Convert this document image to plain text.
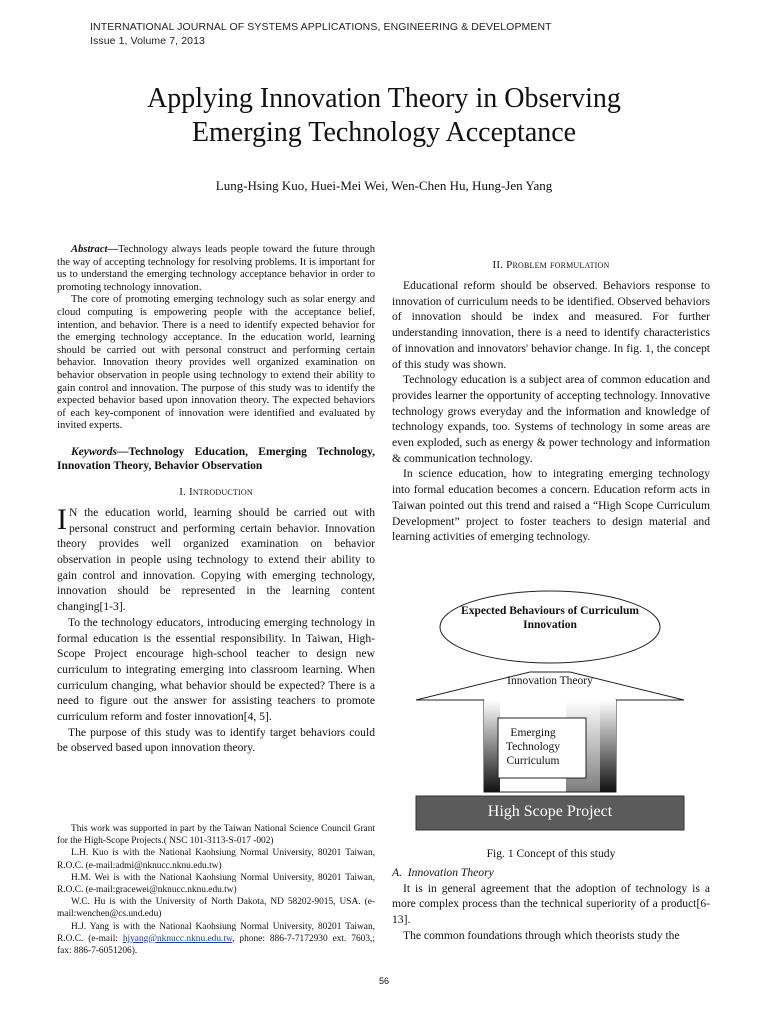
INTERNATIONAL JOURNAL OF SYSTEMS APPLICATIONS, ENGINEERING & DEVELOPMENT
Issue 1, Volume 7, 2013
Applying Innovation Theory in Observing
Emerging Technology Acceptance
Lung-Hsing Kuo, Huei-Mei Wei, Wen-Chen Hu, Hung-Jen Yang

Abstract—Technology always leads people toward the future through the way of accepting technology for resolving problems. It is important for us to understand the emerging technology acceptance behavior in order to promoting technology innovation.

The core of promoting emerging technology such as solar energy and cloud computing is empowering people with the acceptance belief, intention, and behavior. There is a need to identify expected behavior for the emerging technology acceptance. In the education world, learning should be carried out with personal construct and performing certain behavior. Innovation theory provides well organized examination on behavior observation in people using technology to extend their ability to gain control and innovation. The purpose of this study was to identify the expected behavior based upon innovation theory. The expected behaviors of each key-component of innovation were identified and evaluated by invited experts.

Keywords—Technology Education, Emerging Technology, Innovation Theory, Behavior Observation

I. Introduction

I N the education world, learning should be carried out with personal construct and performing certain behavior. Innovation theory provides well organized examination on behavior observation in people using technology to extend their ability to gain control and innovation. Copying with emerging technology, innovation should be represented in the learning content changing[1-3].

To the technology educators, introducing emerging technology in formal education is the essential responsibility. In Taiwan, High-Scope Project encourage high-school teacher to design new curriculum to integrating emerging into classroom learning. When curriculum changing, what behavior should be expected? There is a need to figure out the answer for assisting teachers to promote curriculum reform and foster innovation[4, 5].

The purpose of this study was to identify target behaviors could be observed based upon innovation theory.

This work was supported in part by the Taiwan National Science Council Grant for the High-Scope Projects.( NSC 101-3113-S-017 -002)

L.H. Kuo is with the National Kaohsiung Normal University, 80201 Taiwan, R.O.C. (e-mail:admi@nknucc.nknu.edu.tw)

H.M. Wei is with the National Kaohsiung Normal University, 80201 Taiwan, R.O.C. (e-mail:gracewei@nknucc.nknu.edu.tw)

W.C. Hu is with the University of North Dakota, ND 58202-9015, USA. (e-mail:wenchen@cs.und.edu)

H.J. Yang is with the National Kaohsiung Normal University, 80201 Taiwan, R.O.C. (e-mail: hjyang@nknucc.nknu.edu.tw, phone: 886-7-7172930 ext. 7603,; fax: 886-7-6051206).

II. Problem formulation

Educational reform should be observed. Behaviors response to innovation of curriculum needs to be identified. Observed behaviors of innovation should be index and measured. For further understanding innovation, there is a need to identify characteristics of innovation and innovators' behavior change. In fig. 1, the concept of this study was shown.

Technology education is a subject area of common education and provides learner the opportunity of accepting technology. Innovative technology grows everyday and the information and knowledge of technology expands, too. Systems of technology in some areas are even exploded, such as energy & power technology and information & communication technology.

In science education, how to integrating emerging technology into formal education becomes a concern. Education reform acts in Taiwan pointed out this trend and raised a “High Scope Curriculum Development” project to foster teachers to design material and learning activities of emerging technology.

Expected Behaviours of Curriculum Innovation
Innovation Theory
Emerging Technology Curriculum
High Scope Project
Fig. 1 Concept of this study
A. Innovation Theory

It is in general agreement that the adoption of technology is a more complex process than the technical superiority of a product[6-13].

The common foundations through which theorists study the

56
